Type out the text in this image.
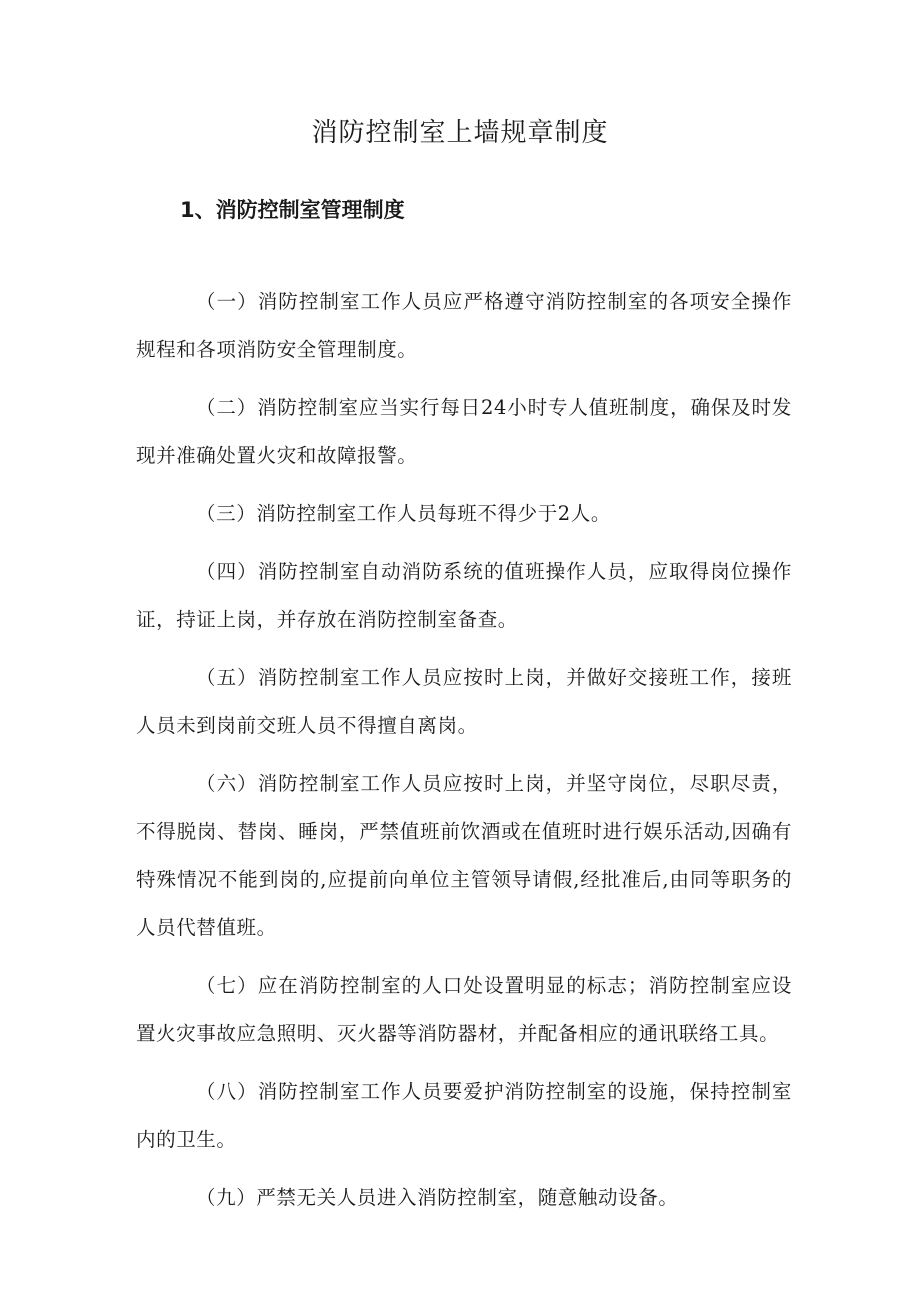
消防控制室上墙规章制度
1、消防控制室管理制度

（一）消防控制室工作人员应严格遵守消防控制室的各项安全操作规程和各项消防安全管理制度。

（二）消防控制室应当实行每日24小时专人值班制度，确保及时发现并准确处置火灾和故障报警。

（三）消防控制室工作人员每班不得少于2人。

（四）消防控制室自动消防系统的值班操作人员，应取得岗位操作证，持证上岗，并存放在消防控制室备查。

（五）消防控制室工作人员应按时上岗，并做好交接班工作，接班人员未到岗前交班人员不得擅自离岗。

（六）消防控制室工作人员应按时上岗，并坚守岗位，尽职尽责，不得脱岗、替岗、睡岗，严禁值班前饮酒或在值班时进行娱乐活动,因确有特殊情况不能到岗的,应提前向单位主管领导请假,经批准后,由同等职务的人员代替值班。

（七）应在消防控制室的人口处设置明显的标志；消防控制室应设置火灾事故应急照明、灭火器等消防器材，并配备相应的通讯联络工具。

（八）消防控制室工作人员要爱护消防控制室的设施，保持控制室内的卫生。

（九）严禁无关人员进入消防控制室，随意触动设备。
